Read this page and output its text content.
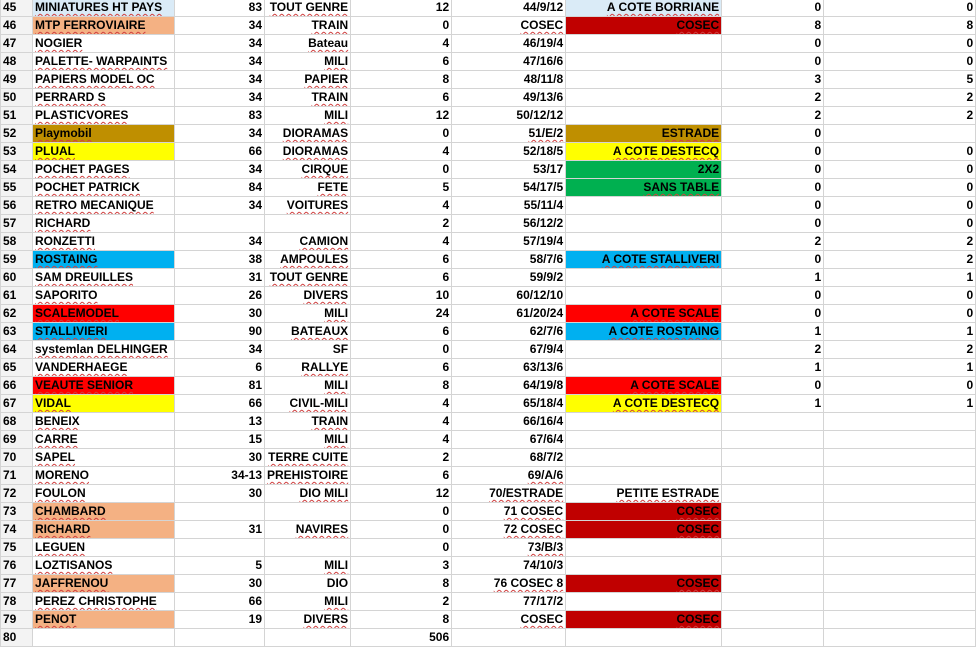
45	MINIATURES HT PAYS	83	TOUT GENRE	12	44/9/12	A COTE BORRIANE	0	0
46	MTP FERROVIAIRE	34	TRAIN	0	COSEC	COSEC	8	8
47	NOGIER	34	Bateau	4	46/19/4		0	0
48	PALETTE- WARPAINTS	34	MILI	6	47/16/6		0	0
49	PAPIERS MODEL OC	34	PAPIER	8	48/11/8		3	5
50	PERRARD S	34	TRAIN	6	49/13/6		2	2
51	PLASTICVORES	83	MILI	12	50/12/12		2	2
52	Playmobil	34	DIORAMAS	0	51/E/2	ESTRADE	0	
53	PLUAL	66	DIORAMAS	4	52/18/5	A COTE DESTECQ	0	0
54	POCHET PAGES	34	CIRQUE	0	53/17	2X2	0	0
55	POCHET PATRICK	84	FETE	5	54/17/5	SANS TABLE	0	0
56	RETRO MECANIQUE	34	VOITURES	4	55/11/4		0	0
57	RICHARD			2	56/12/2		0	0
58	RONZETTI	34	CAMION	4	57/19/4		2	2
59	ROSTAING	38	AMPOULES	6	58/7/6	A COTE STALLIVERI	0	2
60	SAM DREUILLES	31	TOUT GENRE	6	59/9/2		1	1
61	SAPORITO	26	DIVERS	10	60/12/10		0	0
62	SCALEMODEL	30	MILI	24	61/20/24	A COTE SCALE	0	0
63	STALLIVIERI	90	BATEAUX	6	62/7/6	A COTE ROSTAING	1	1
64	systemlan DELHINGER	34	SF	0	67/9/4		2	2
65	VANDERHAEGE	6	RALLYE	6	63/13/6		1	1
66	VEAUTE SENIOR	81	MILI	8	64/19/8	A COTE SCALE	0	0
67	VIDAL	66	CIVIL-MILI	4	65/18/4	A COTE DESTECQ	1	1
68	BENEIX	13	TRAIN	4	66/16/4			
69	CARRE	15	MILI	4	67/6/4			
70	SAPEL	30	TERRE CUITE	2	68/7/2			
71	MORENO	34-13	PREHISTOIRE	6	69/A/6			
72	FOULON	30	DIO MILI	12	70/ESTRADE	PETITE ESTRADE		
73	CHAMBARD			0	71 COSEC	COSEC		
74	RICHARD	31	NAVIRES	0	72 COSEC	COSEC		
75	LEGUEN			0	73/B/3			
76	LOZTISANOS	5	MILI	3	74/10/3			
77	JAFFRENOU	30	DIO	8	76 COSEC 8	COSEC		
78	PEREZ CHRISTOPHE	66	MILI	2	77/17/2			
79	PENOT	19	DIVERS	8	COSEC	COSEC		
80				506				
